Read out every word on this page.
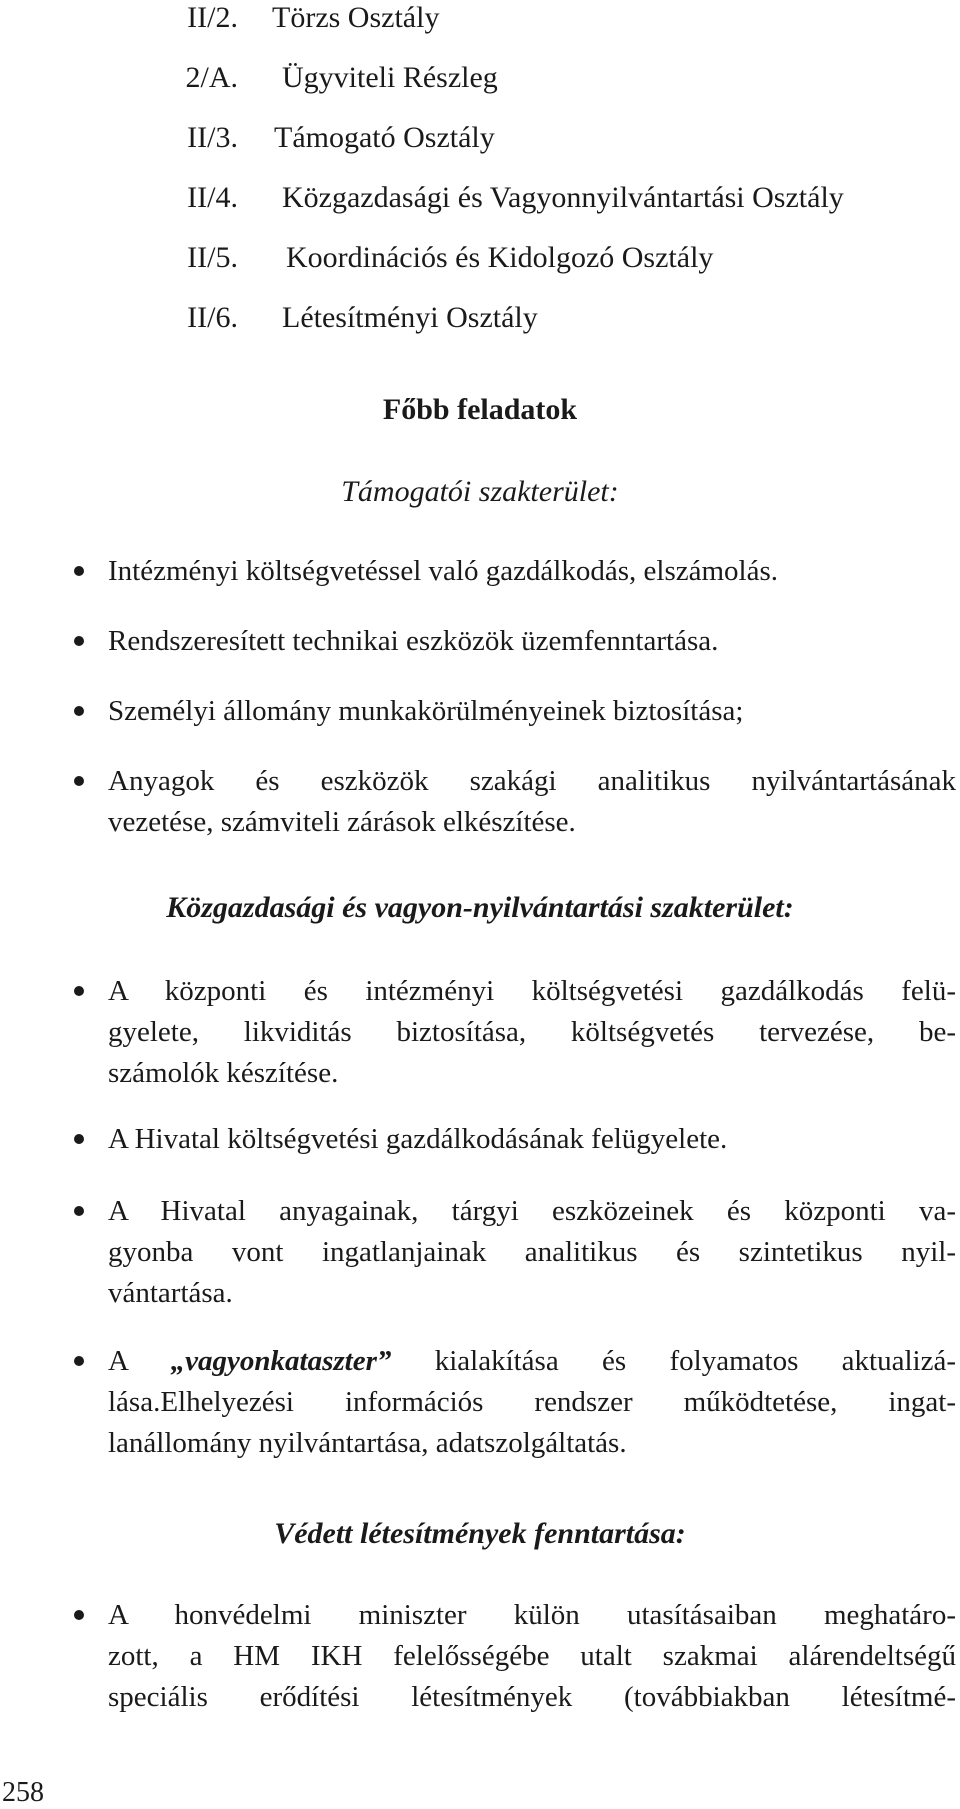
II/2. Törzs Osztály
2/A. Ügyviteli Részleg
II/3. Támogató Osztály
II/4. Közgazdasági és Vagyonnyilvántartási Osztály
II/5. Koordinációs és Kidolgozó Osztály
II/6. Létesítményi Osztály
Főbb feladatok
Támogatói szakterület:
Intézményi költségvetéssel való gazdálkodás, elszámolás.
Rendszeresített technikai eszközök üzemfenntartása.
Személyi állomány munkakörülményeinek biztosítása;
Anyagok és eszközök szakági analitikus nyilvántartásának
vezetése, számviteli zárások elkészítése.
Közgazdasági és vagyon-nyilvántartási szakterület:
A központi és intézményi költségvetési gazdálkodás felü-
gyelete, likviditás biztosítása, költségvetés tervezése, be-
számolók készítése.
A Hivatal költségvetési gazdálkodásának felügyelete.
A Hivatal anyagainak, tárgyi eszközeinek és központi va-
gyonba vont ingatlanjainak analitikus és szintetikus nyil-
vántartása.
A „vagyonkataszter” kialakítása és folyamatos aktualizá-
lása.Elhelyezési információs rendszer működtetése, ingat-
lanállomány nyilvántartása, adatszolgáltatás.
Védett létesítmények fenntartása:
A honvédelmi miniszter külön utasításaiban meghatáro-
zott, a HM IKH felelősségébe utalt szakmai alárendeltségű
speciális erődítési létesítmények (továbbiakban létesítmé-
258
